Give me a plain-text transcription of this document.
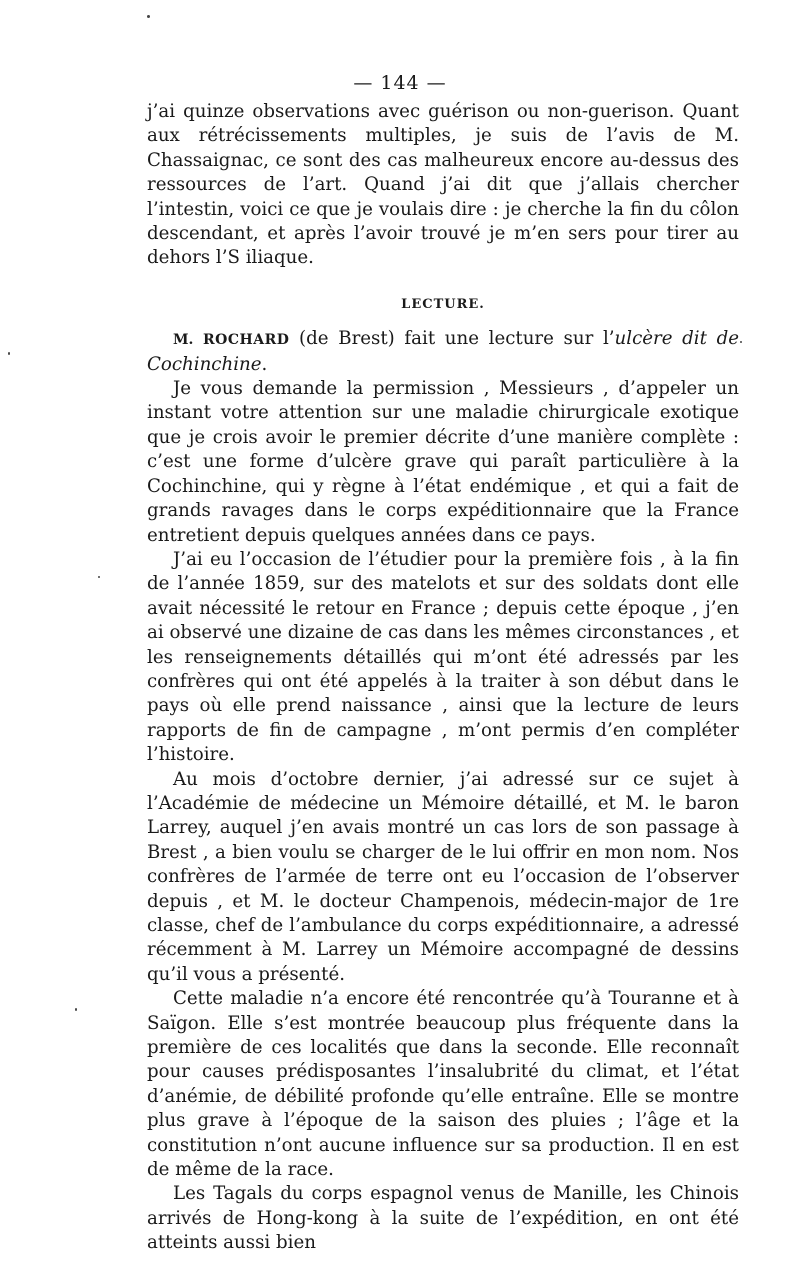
— 144 —

j’ai quinze observations avec guérison ou non-guerison. Quant aux rétrécissements multiples, je suis de l’avis de M. Chassaignac, ce sont des cas malheureux encore au-dessus des ressources de l’art. Quand j’ai dit que j’allais chercher l’intestin, voici ce que je voulais dire : je cherche la fin du côlon descendant, et après l’avoir trouvé je m’en sers pour tirer au dehors l’S iliaque.

LECTURE.

M. ROCHARD (de Brest) fait une lecture sur l’ulcère dit de Cochinchine.

Je vous demande la permission , Messieurs , d’appeler un instant votre attention sur une maladie chirurgicale exotique que je crois avoir le premier décrite d’une manière complète : c’est une forme d’ulcère grave qui paraît particulière à la Cochinchine, qui y règne à l’état endémique , et qui a fait de grands ravages dans le corps expéditionnaire que la France entretient depuis quelques années dans ce pays.

J’ai eu l’occasion de l’étudier pour la première fois , à la fin de l’année 1859, sur des matelots et sur des soldats dont elle avait nécessité le retour en France ; depuis cette époque , j’en ai observé une dizaine de cas dans les mêmes circonstances , et les renseignements détaillés qui m’ont été adressés par les confrères qui ont été appelés à la traiter à son début dans le pays où elle prend naissance , ainsi que la lecture de leurs rapports de fin de campagne , m’ont permis d’en compléter l’histoire.

Au mois d’octobre dernier, j’ai adressé sur ce sujet à l’Académie de médecine un Mémoire détaillé, et M. le baron Larrey, auquel j’en avais montré un cas lors de son passage à Brest , a bien voulu se charger de le lui offrir en mon nom. Nos confrères de l’armée de terre ont eu l’occasion de l’observer depuis , et M. le docteur Champenois, médecin-major de 1re classe, chef de l’ambulance du corps expéditionnaire, a adressé récemment à M. Larrey un Mémoire accompagné de dessins qu’il vous a présenté.

Cette maladie n’a encore été rencontrée qu’à Touranne et à Saïgon. Elle s’est montrée beaucoup plus fréquente dans la première de ces localités que dans la seconde. Elle reconnaît pour causes prédisposantes l’insalubrité du climat, et l’état d’anémie, de débilité profonde qu’elle entraîne. Elle se montre plus grave à l’époque de la saison des pluies ; l’âge et la constitution n’ont aucune influence sur sa production. Il en est de même de la race.

Les Tagals du corps espagnol venus de Manille, les Chinois arrivés de Hong-kong à la suite de l’expédition, en ont été atteints aussi bien
